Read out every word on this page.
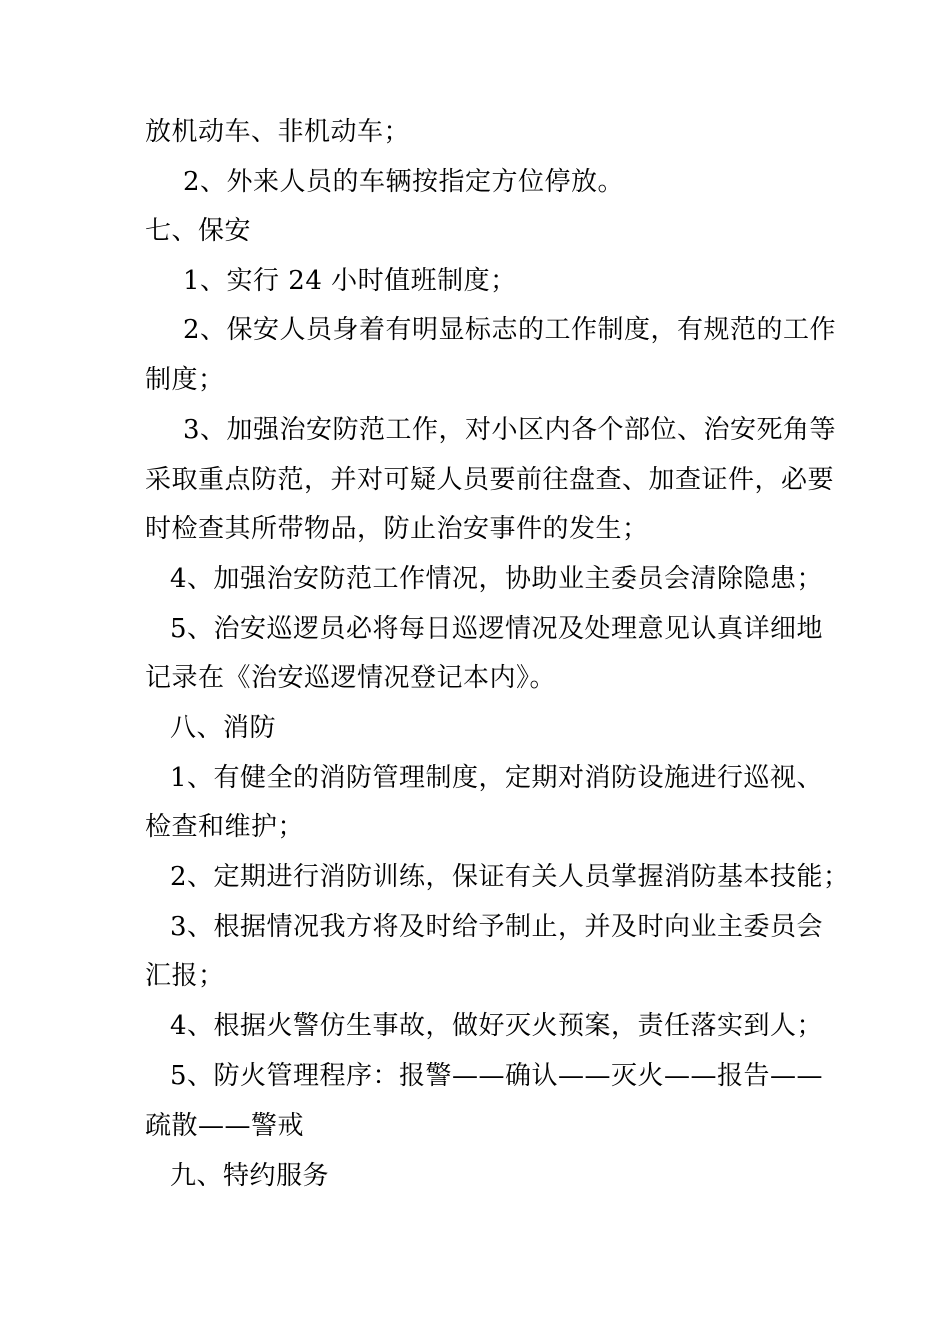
放机动车、非机动车；
2、外来人员的车辆按指定方位停放。
七、保安
1、实行 24 小时值班制度；
2、保安人员身着有明显标志的工作制度，有规范的工作
制度；
3、加强治安防范工作，对小区内各个部位、治安死角等
采取重点防范，并对可疑人员要前往盘查、加查证件，必要
时检查其所带物品，防止治安事件的发生；
4、加强治安防范工作情况，协助业主委员会清除隐患；
5、治安巡逻员必将每日巡逻情况及处理意见认真详细地
记录在《治安巡逻情况登记本内》。
八、消防
1、有健全的消防管理制度，定期对消防设施进行巡视、
检查和维护；
2、定期进行消防训练，保证有关人员掌握消防基本技能；
3、根据情况我方将及时给予制止，并及时向业主委员会
汇报；
4、根据火警仿生事故，做好灭火预案，责任落实到人；
5、防火管理程序：报警——确认——灭火——报告——
疏散——警戒
九、特约服务
